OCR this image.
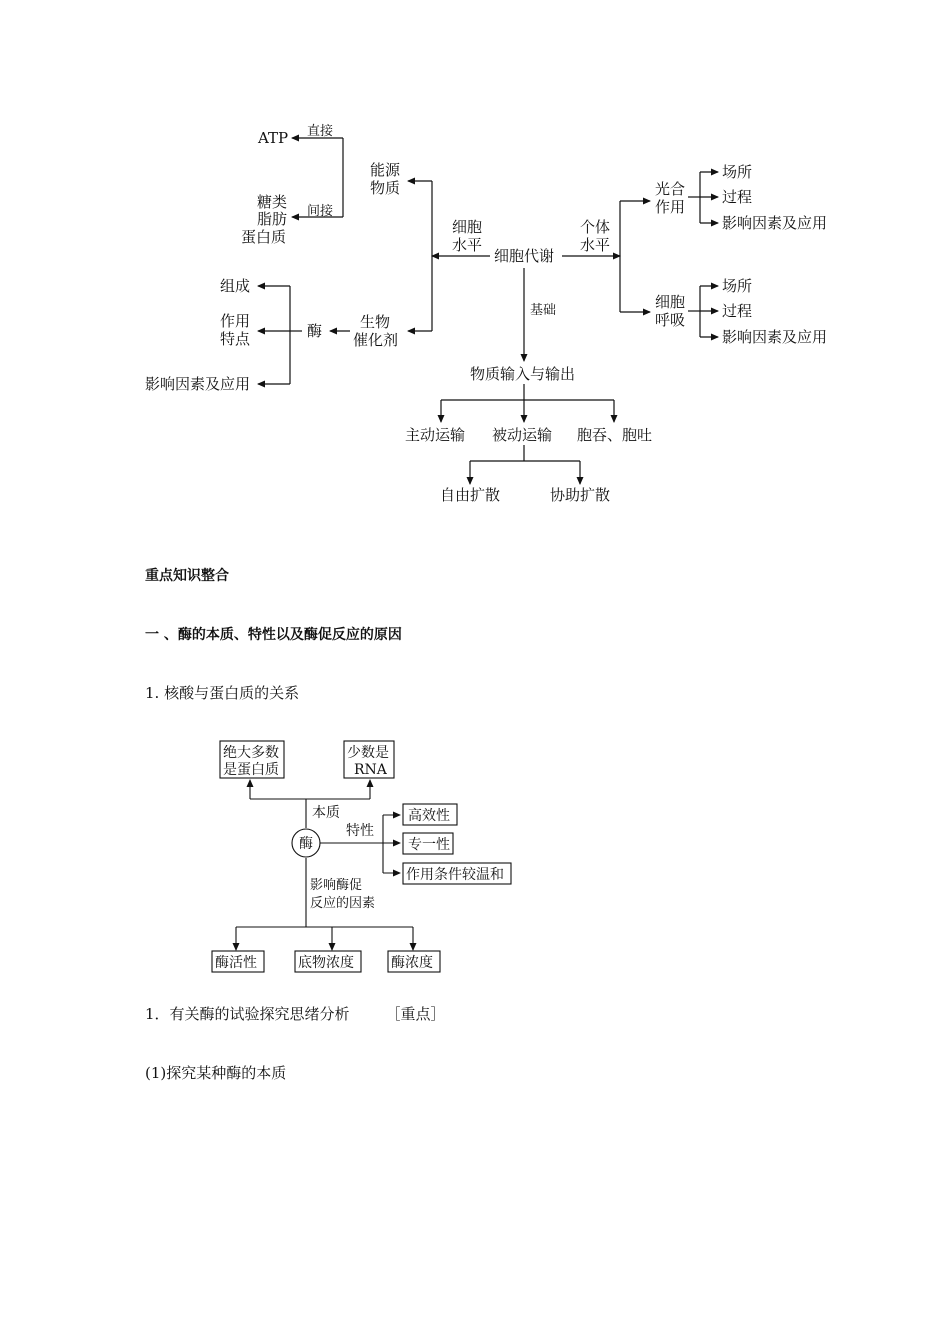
ATP 直接
间接
能源
物质
糖类
脂肪
蛋白质
细胞
水平
细胞代谢
个体
水平
光合
作用
场所
过程
影响因素及应用
细胞
呼吸
场所
过程
影响因素及应用
组成
作用
特点
影响因素及应用
酶	生物
催化剂
基础
物质输入与输出
主动运输 被动运输 胞吞、胞吐
自由扩散	协助扩散
绝大多数
是蛋白质
少数是
RNA
本质
特性
酶
高效性
专一性
作用条件较温和
影响酶促
反应的因素
酶活性	底物浓度	酶浓度
重点知识整合
一 、酶的本质、特性以及酶促反应的原因
1. 核酸与蛋白质的关系
1．有关酶的试验探究思绪分析 ［重点］
(1)探究某种酶的本质
